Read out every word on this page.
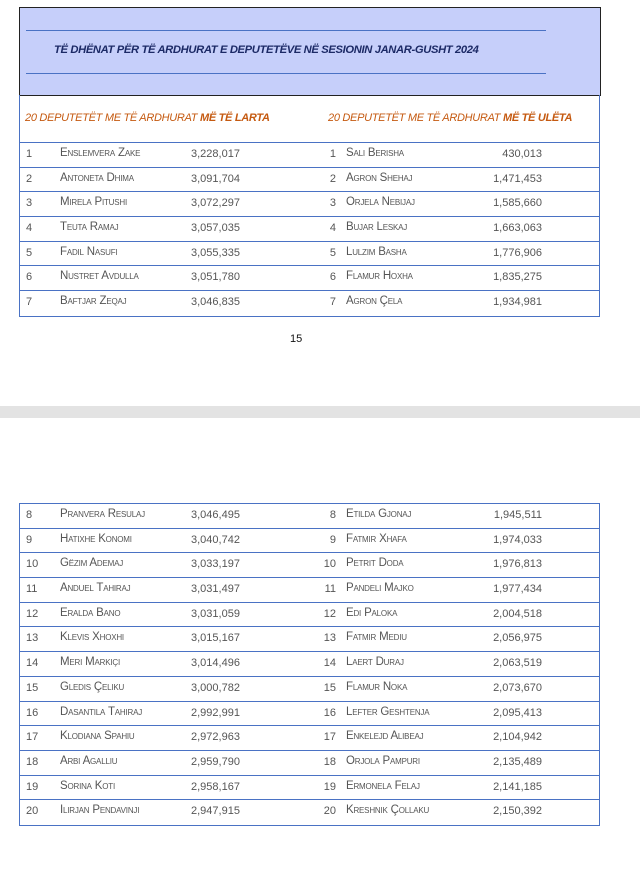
TË DHËNAT PËR TË ARDHURAT E DEPUTETËVE NË SESIONIN JANAR-GUSHT 2024
20 DEPUTETËT ME TË ARDHURAT MË TË LARTA	20 DEPUTETËT ME TË ARDHURAT MË TË ULËTA
1 Enslemvera Zake	3,228,017	1 Sali Berisha	430,013
2 Antoneta Dhima	3,091,704	2 Agron Shehaj	1,471,453
3 Mirela Pitushi	3,072,297	3 Orjela Nebijaj	1,585,660
4 Teuta Ramaj	3,057,035	4 Bujar Leskaj	1,663,063
5 Fadil Nasufi	3,055,335	5 Lulzim Basha	1,776,906
6 Nustret Avdulla	3,051,780	6 Flamur Hoxha	1,835,275
7 Baftjar Zeqaj	3,046,835	7 Agron Çela	1,934,981
15
8 Pranvera Resulaj	3,046,495	8 Etilda Gjonaj	1,945,511
9 Hatixhe Konomi	3,040,742	9 Fatmir Xhafa	1,974,033
10 Gëzim Ademaj	3,033,197	10 Petrit Doda	1,976,813
11 Anduel Tahiraj	3,031,497	11 Pandeli Majko	1,977,434
12 Eralda Bano	3,031,059	12 Edi Paloka	2,004,518
13 Klevis Xhoxhi	3,015,167	13 Fatmir Mediu	2,056,975
14 Meri Markiçi	3,014,496	14 Laert Duraj	2,063,519
15 Gledis Çeliku	3,000,782	15 Flamur Noka	2,073,670
16 Dasantila Tahiraj	2,992,991	16 Lefter Geshtenja	2,095,413
17 Klodiana Spahiu	2,972,963	17 Enkelejd Alibeaj	2,104,942
18 Arbi Agalliu	2,959,790	18 Orjola Pampuri	2,135,489
19 Sorina Koti	2,958,167	19 Ermonela Felaj	2,141,185
20 Ilirjan Pendavinji	2,947,915	20 Kreshnik Çollaku	2,150,392
